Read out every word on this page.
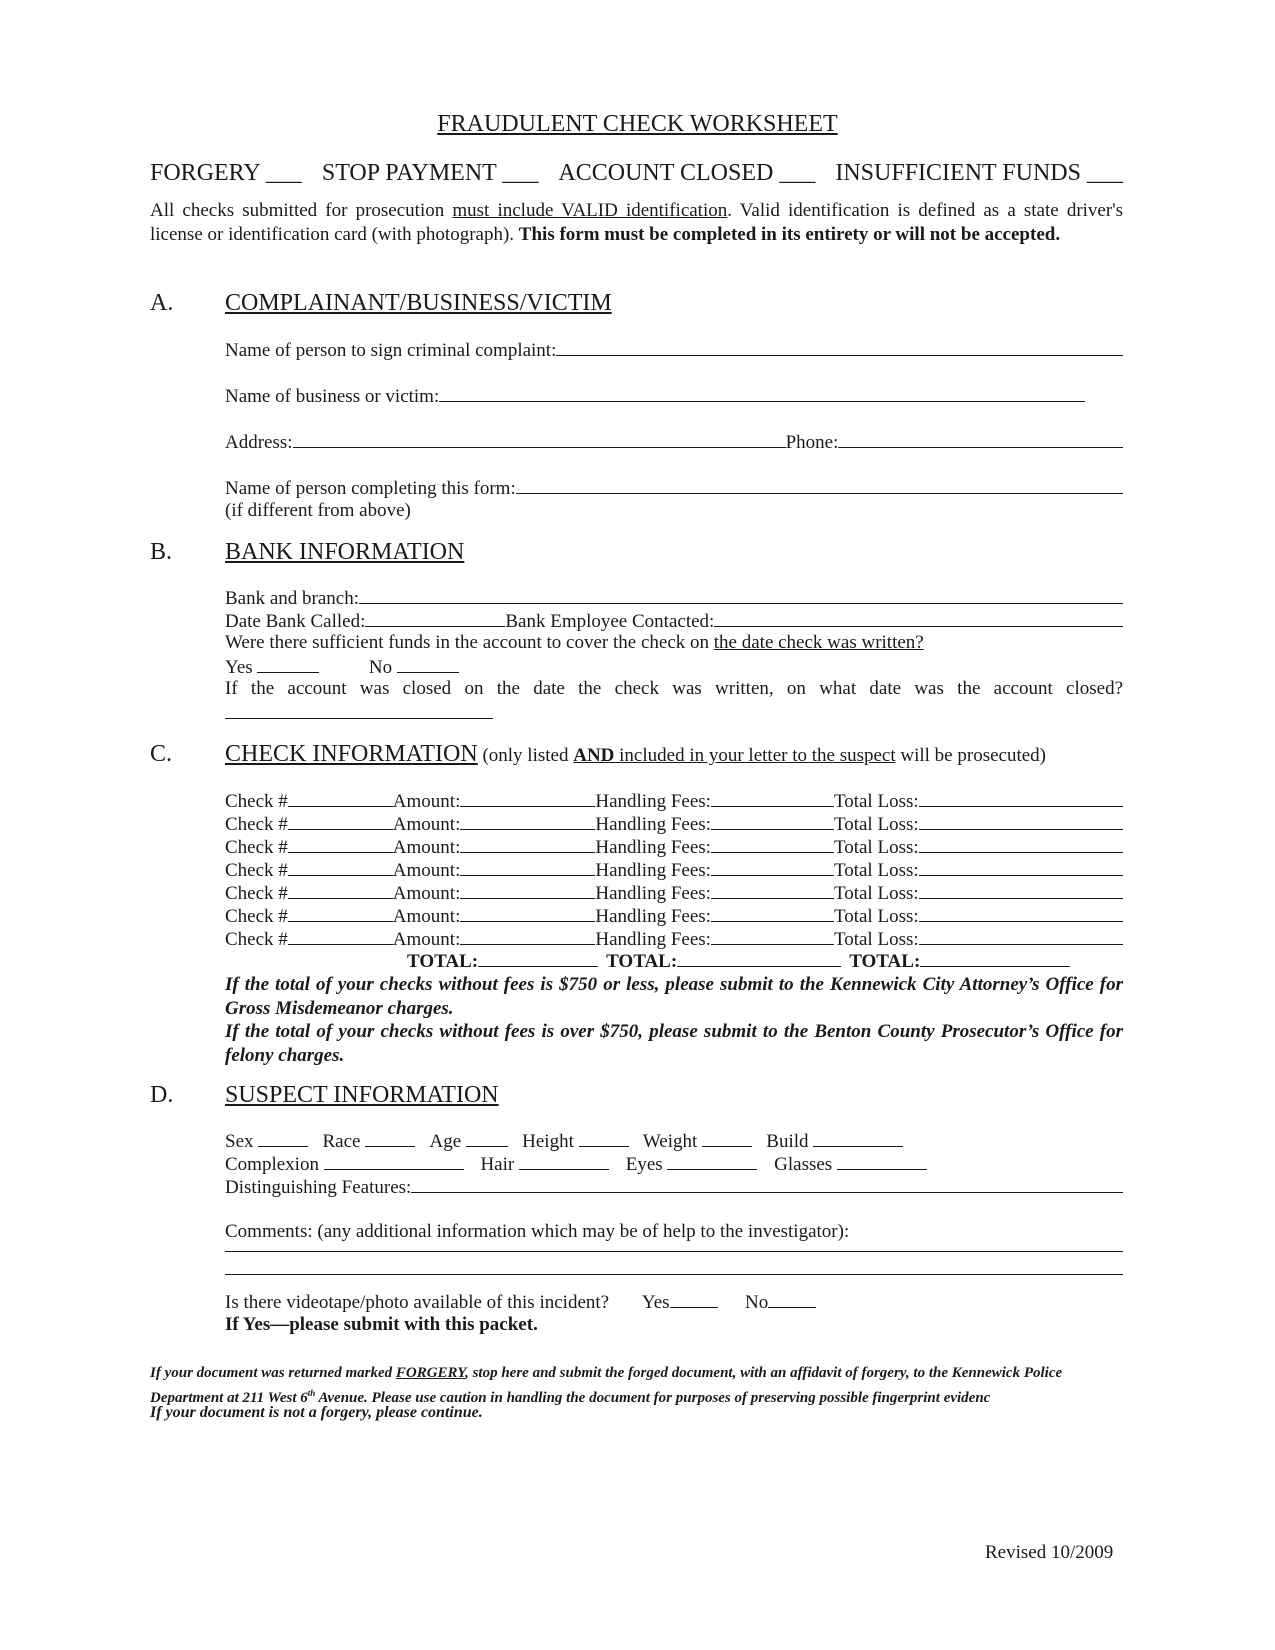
FRAUDULENT CHECK WORKSHEET
FORGERY ___ STOP PAYMENT ___ ACCOUNT CLOSED ___ INSUFFICIENT FUNDS ___
All checks submitted for prosecution must include VALID identification. Valid identification is defined as a state driver's license or identification card (with photograph). This form must be completed in its entirety or will not be accepted.
A. COMPLAINANT/BUSINESS/VICTIM
Name of person to sign criminal complaint:
Name of business or victim:
Address:	Phone:
Name of person completing this form:
(if different from above)
B. BANK INFORMATION
Bank and branch:
Date Bank Called:	Bank Employee Contacted:
Were there sufficient funds in the account to cover the check on the date check was written?
Yes	No
If the account was closed on the date the check was written, on what date was the account closed?
C. CHECK INFORMATION (only listed AND included in your letter to the suspect will be prosecuted)
Check #	Amount:	Handling Fees:	Total Loss:
Check #	Amount:	Handling Fees:	Total Loss:
Check #	Amount:	Handling Fees:	Total Loss:
Check #	Amount:	Handling Fees:	Total Loss:
Check #	Amount:	Handling Fees:	Total Loss:
Check #	Amount:	Handling Fees:	Total Loss:
Check #	Amount:	Handling Fees:	Total Loss:
TOTAL:	TOTAL:	TOTAL:
If the total of your checks without fees is $750 or less, please submit to the Kennewick City Attorney’s Office for Gross Misdemeanor charges.
If the total of your checks without fees is over $750, please submit to the Benton County Prosecutor’s Office for felony charges.
D. SUSPECT INFORMATION
Sex	Race	Age	Height	Weight	Build
Complexion	Hair	Eyes	Glasses
Distinguishing Features:
Comments: (any additional information which may be of help to the investigator):
Is there videotape/photo available of this incident? Yes	No
If Yes—please submit with this packet.
If your document was returned marked FORGERY, stop here and submit the forged document, with an affidavit of forgery, to the Kennewick Police Department at 211 West 6th Avenue. Please use caution in handling the document for purposes of preserving possible fingerprint evidenc
If your document is not a forgery, please continue.
Revised 10/2009
